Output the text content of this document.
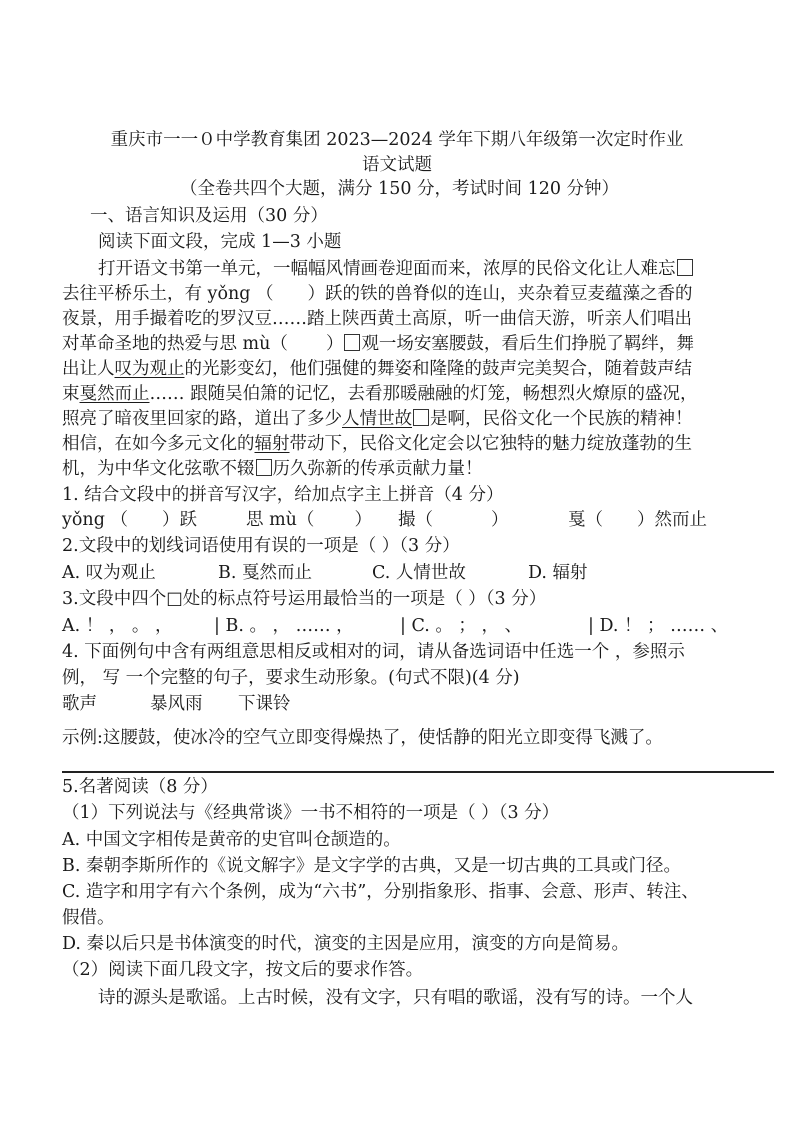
重庆市一一０中学教育集团 2023—2024 学年下期八年级第一次定时作业
语文试题
（全卷共四个大题，满分 150 分，考试时间 120 分钟）
一、语言知识及运用（30 分）
阅读下面文段，完成 1—3 小题
打开语文书第一单元，一幅幅风情画卷迎面而来，浓厚的民俗文化让人难忘
去往平桥乐土，有 yǒng （ ）跃的铁的兽脊似的连山，夹杂着豆麦蕴藻之香的
夜景，用手撮着吃的罗汉豆……踏上陕西黄土高原，听一曲信天游，听亲人们唱出
对革命圣地的热爱与思 mù（ ） 观一场安塞腰鼓，看后生们挣脱了羁绊，舞
出让人叹为观止的光影变幻，他们强健的舞姿和隆隆的鼓声完美契合，随着鼓声结
束戛然而止…… 跟随吴伯箫的记忆，去看那暖融融的灯笼，畅想烈火燎原的盛况，
照亮了暗夜里回家的路，道出了多少人情世故 是啊，民俗文化一个民族的精神！
相信，在如今多元文化的辐射带动下，民俗文化定会以它独特的魅力绽放蓬勃的生
机，为中华文化弦歌不辍 历久弥新的传承贡献力量！
1. 结合文段中的拼音写汉字，给加点字主上拼音（4 分）
yǒng （ ）跃	思 mù（ ） 撮（	）	戛（ ）然而止
2.文段中的划线词语使用有误的一项是（ ）（3 分）
A. 叹为观止	B. 戛然而止	C. 人情世故	D. 辐射
3.文段中四个□处的标点符号运用最恰当的一项是（ ）（3 分）
A. ！ ， 。 ， | B. 。 ， …… ，	| C. 。 ； ， 、	| D. ！ ； …… 、
4. 下面例句中含有两组意思相反或相对的词，请从备选词语中任选一个 ，参照示
例， 写 一个完整的句子，要求生动形象。(句式不限)(4 分)
歌声	暴风雨 下课铃
示例:这腰鼓，使冰冷的空气立即变得燥热了，使恬静的阳光立即变得飞溅了。
5.名著阅读（8 分）
（1）下列说法与《经典常谈》一书不相符的一项是（ ）（3 分）
A. 中国文字相传是黄帝的史官叫仓颉造的。
B. 秦朝李斯所作的《说文解字》是文字学的古典，又是一切古典的工具或门径。
C. 造字和用字有六个条例，成为“六书”，分别指象形、指事、会意、形声、转注、
假借。
D. 秦以后只是书体演变的时代，演变的主因是应用，演变的方向是简易。
（2）阅读下面几段文字，按文后的要求作答。
诗的源头是歌谣。上古时候，没有文字，只有唱的歌谣，没有写的诗。一个人
